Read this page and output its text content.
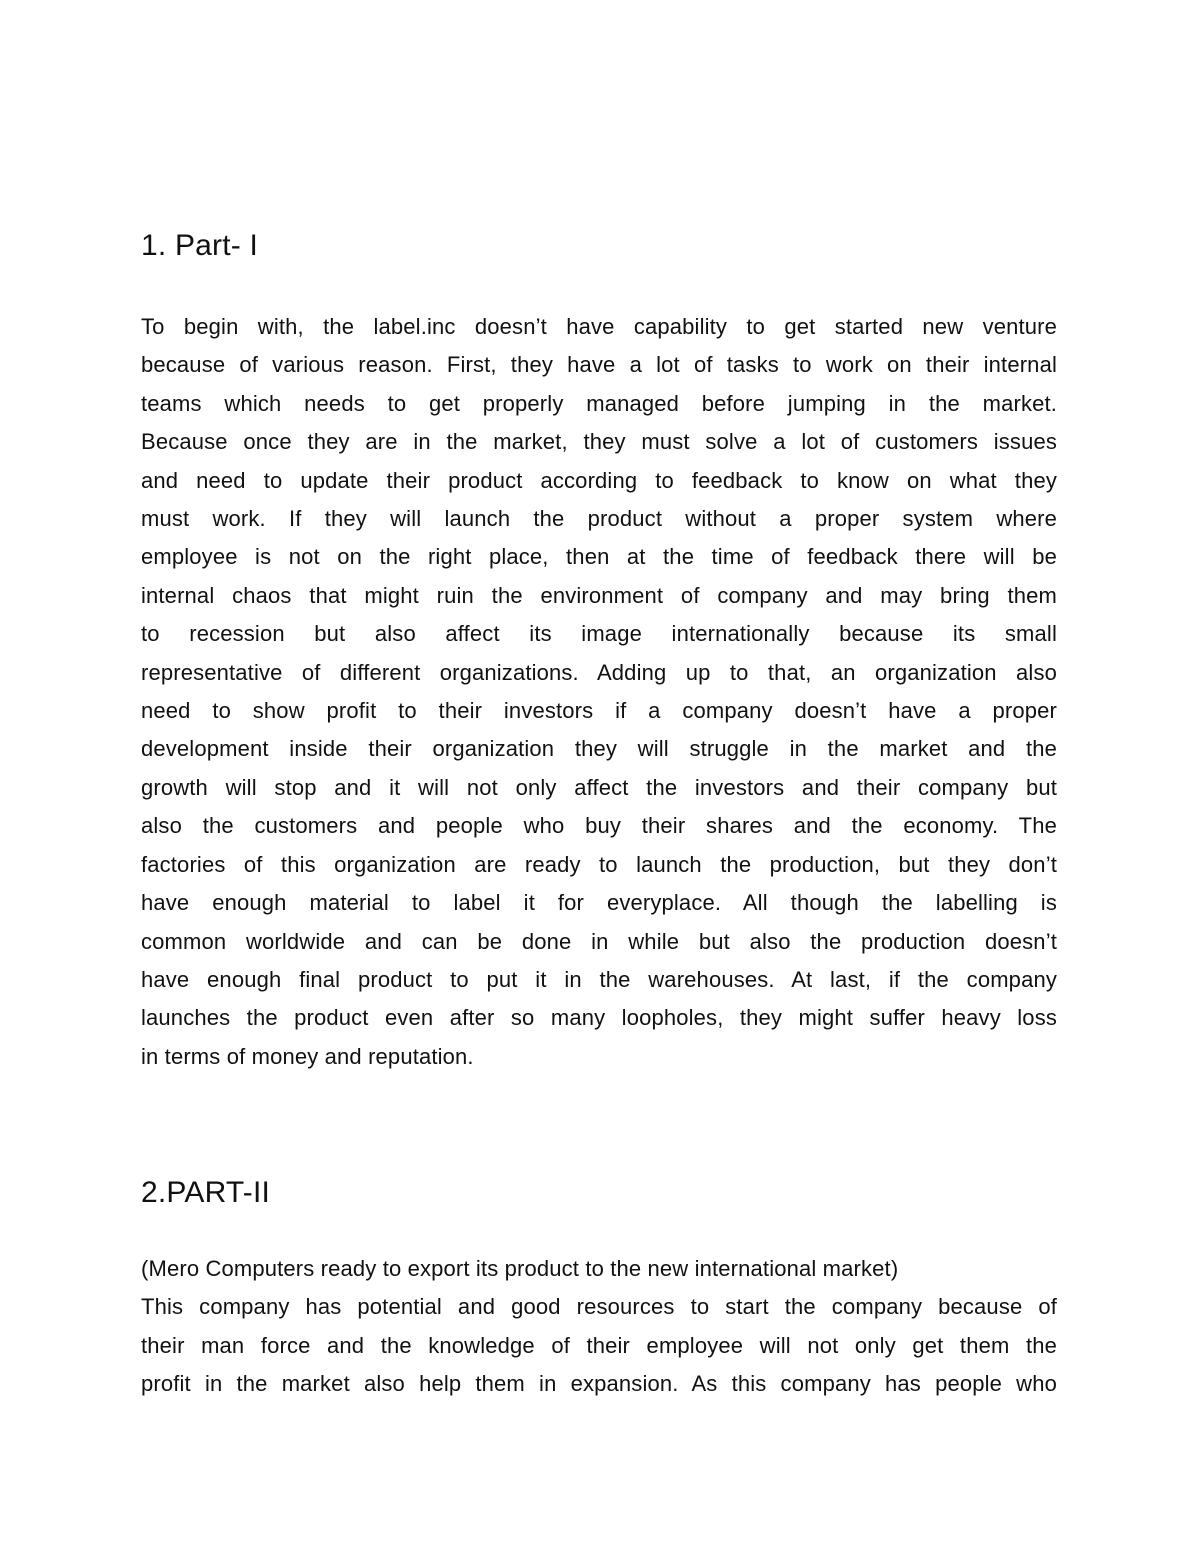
1. Part- I
To begin with, the label.inc doesn’t have capability to get started new venture
because of various reason. First, they have a lot of tasks to work on their internal
teams which needs to get properly managed before jumping in the market.
Because once they are in the market, they must solve a lot of customers issues
and need to update their product according to feedback to know on what they
must work. If they will launch the product without a proper system where
employee is not on the right place, then at the time of feedback there will be
internal chaos that might ruin the environment of company and may bring them
to recession but also affect its image internationally because its small
representative of different organizations. Adding up to that, an organization also
need to show profit to their investors if a company doesn’t have a proper
development inside their organization they will struggle in the market and the
growth will stop and it will not only affect the investors and their company but
also the customers and people who buy their shares and the economy. The
factories of this organization are ready to launch the production, but they don’t
have enough material to label it for everyplace. All though the labelling is
common worldwide and can be done in while but also the production doesn’t
have enough final product to put it in the warehouses. At last, if the company
launches the product even after so many loopholes, they might suffer heavy loss
in terms of money and reputation.
2.PART-II

(Mero Computers ready to export its product to the new international market)

This company has potential and good resources to start the company because of
their man force and the knowledge of their employee will not only get them the
profit in the market also help them in expansion. As this company has people who
